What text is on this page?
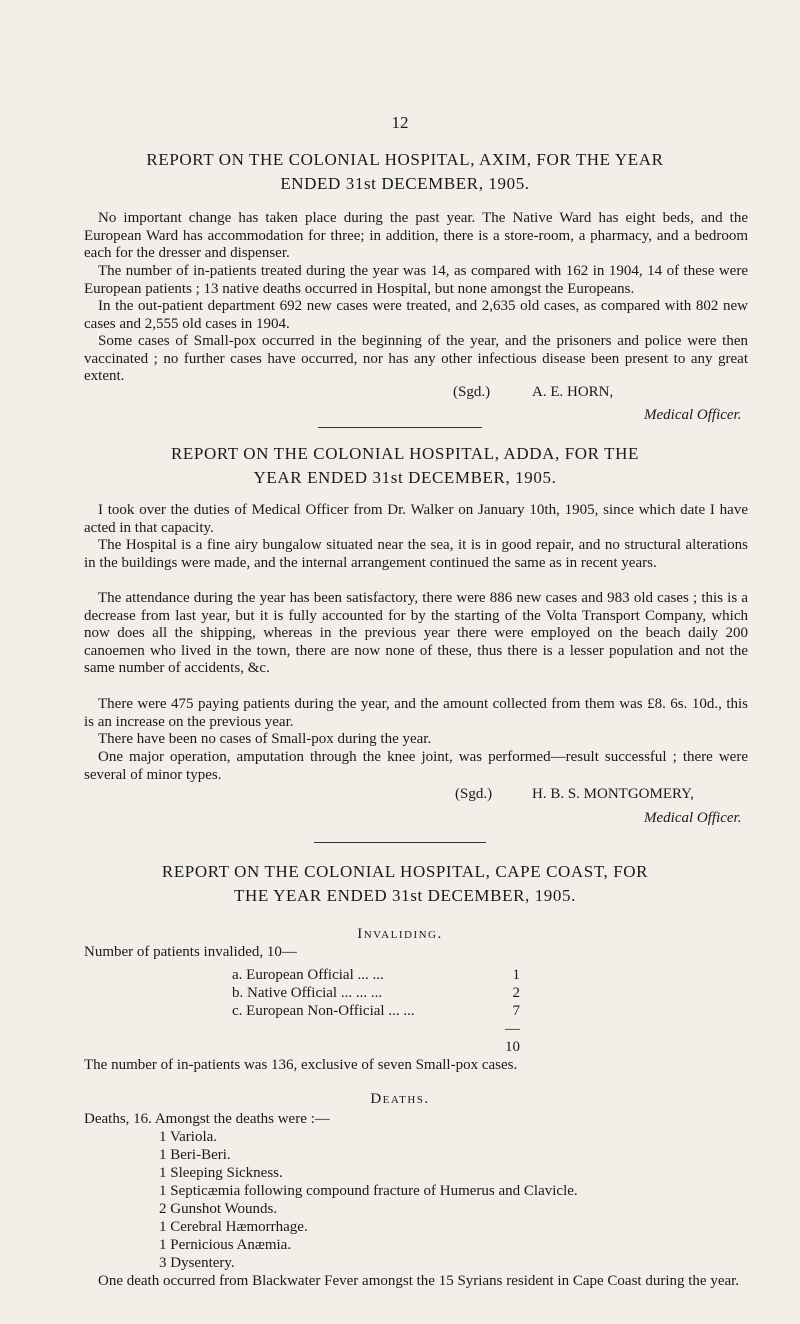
12
REPORT ON THE COLONIAL HOSPITAL, AXIM, FOR THE YEAR
ENDED 31st DECEMBER, 1905.

No important change has taken place during the past year. The Native Ward has eight beds, and the European Ward has accommodation for three; in addition, there is a store-room, a pharmacy, and a bedroom each for the dresser and dispenser.

The number of in-patients treated during the year was 14, as compared with 162 in 1904, 14 of these were European patients ; 13 native deaths occurred in Hospital, but none amongst the Europeans.

In the out-patient department 692 new cases were treated, and 2,635 old cases, as compared with 802 new cases and 2,555 old cases in 1904.

Some cases of Small-pox occurred in the beginning of the year, and the prisoners and police were then vaccinated ; no further cases have occurred, nor has any other infectious disease been present to any great extent.

(Sgd.)	A. E. HORN,
Medical Officer.
REPORT ON THE COLONIAL HOSPITAL, ADDA, FOR THE
YEAR ENDED 31st DECEMBER, 1905.

I took over the duties of Medical Officer from Dr. Walker on January 10th, 1905, since which date I have acted in that capacity.

The Hospital is a fine airy bungalow situated near the sea, it is in good repair, and no structural alterations in the buildings were made, and the internal arrangement continued the same as in recent years.

The attendance during the year has been satisfactory, there were 886 new cases and 983 old cases ; this is a decrease from last year, but it is fully accounted for by the starting of the Volta Transport Company, which now does all the shipping, whereas in the previous year there were employed on the beach daily 200 canoemen who lived in the town, there are now none of these, thus there is a lesser population and not the same number of accidents, &c.

There were 475 paying patients during the year, and the amount collected from them was £8. 6s. 10d., this is an increase on the previous year.

There have been no cases of Small-pox during the year.

One major operation, amputation through the knee joint, was performed—result successful ; there were several of minor types.

(Sgd.)	H. B. S. MONTGOMERY,
Medical Officer.
REPORT ON THE COLONIAL HOSPITAL, CAPE COAST, FOR
THE YEAR ENDED 31st DECEMBER, 1905.
Invaliding.
Number of patients invalided, 10—
a. European Official ... ...	1
b. Native Official ... ... ...	2
c. European Non-Official ... ...	7
—
10
The number of in-patients was 136, exclusive of seven Small-pox cases.
Deaths.
Deaths, 16. Amongst the deaths were :—
1 Variola.
1 Beri-Beri.
1 Sleeping Sickness.
1 Septicæmia following compound fracture of Humerus and Clavicle.
2 Gunshot Wounds.
1 Cerebral Hæmorrhage.
1 Pernicious Anæmia.
3 Dysentery.

One death occurred from Blackwater Fever amongst the 15 Syrians resident in Cape Coast during the year.
